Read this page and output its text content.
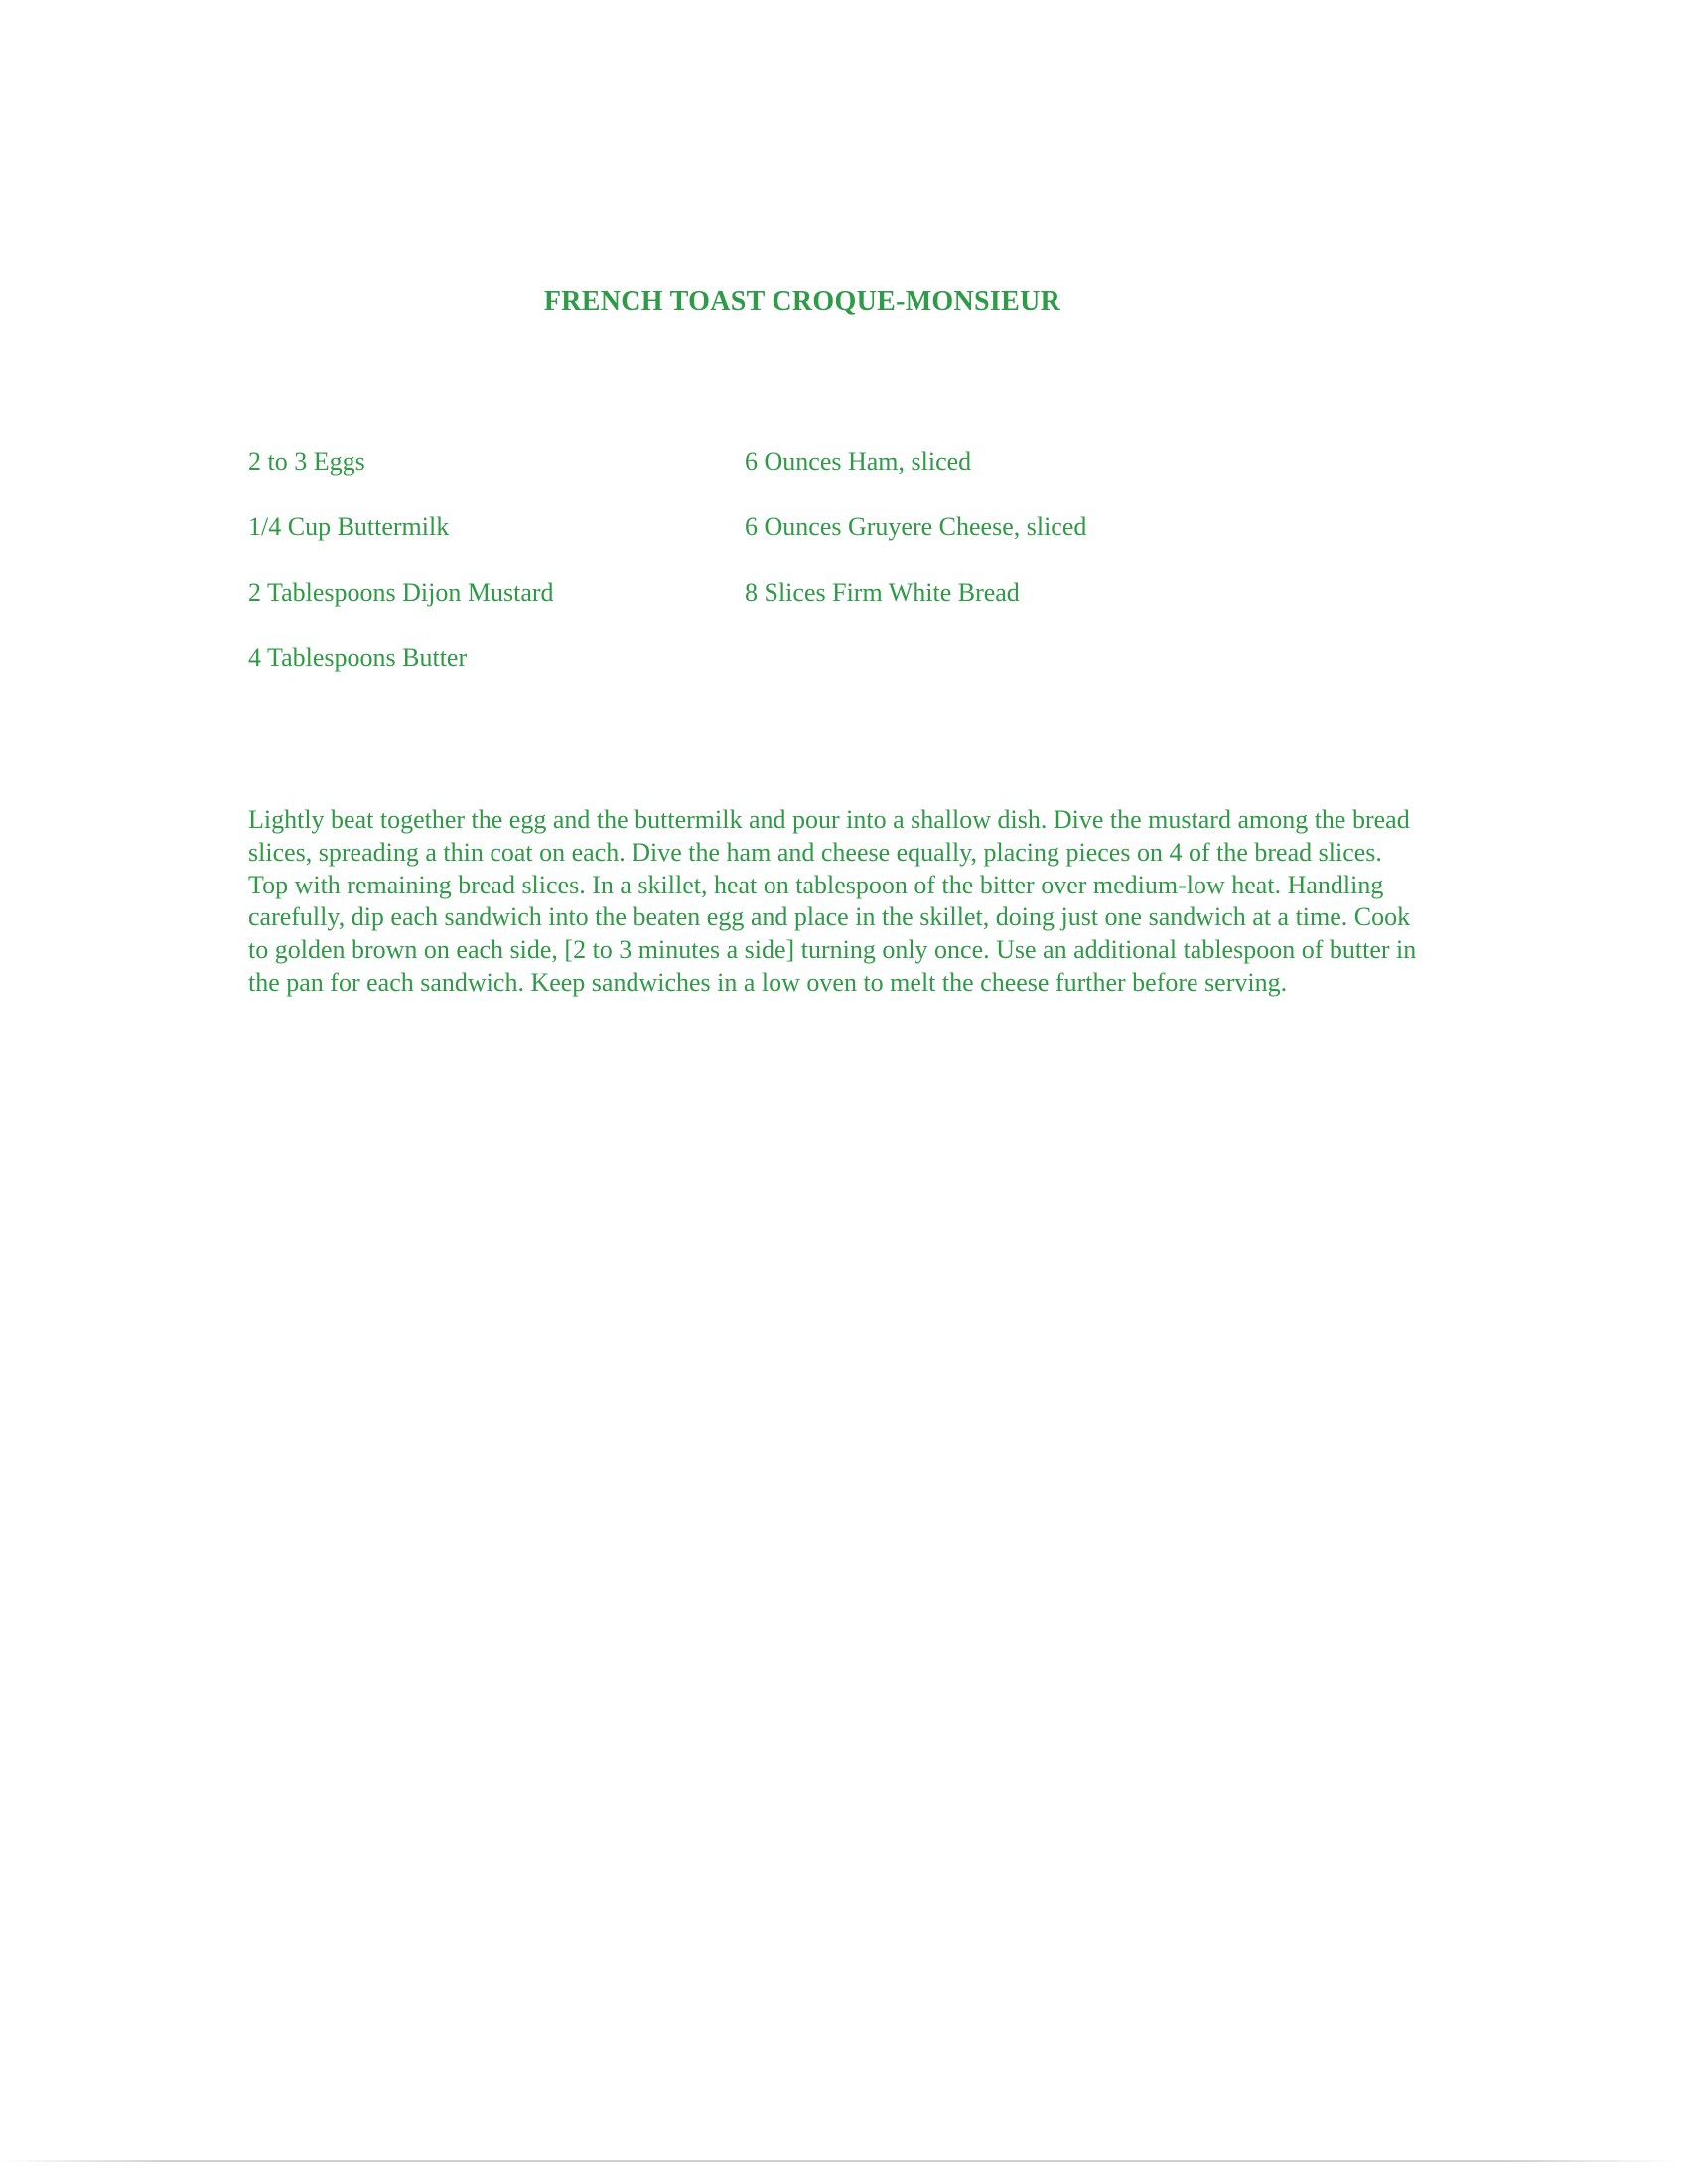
FRENCH TOAST CROQUE-MONSIEUR
2 to 3 Eggs
1/4 Cup Buttermilk
2 Tablespoons Dijon Mustard
4 Tablespoons Butter
6 Ounces Ham, sliced
6 Ounces Gruyere Cheese, sliced
8 Slices Firm White Bread

Lightly beat together the egg and the buttermilk and pour into a shallow dish. Dive the mustard among the bread slices, spreading a thin coat on each. Dive the ham and cheese equally, placing pieces on 4 of the bread slices. Top with remaining bread slices. In a skillet, heat on tablespoon of the bitter over medium-low heat. Handling carefully, dip each sandwich into the beaten egg and place in the skillet, doing just one sandwich at a time. Cook to golden brown on each side, [2 to 3 minutes a side] turning only once. Use an additional tablespoon of butter in the pan for each sandwich. Keep sandwiches in a low oven to melt the cheese further before serving.
